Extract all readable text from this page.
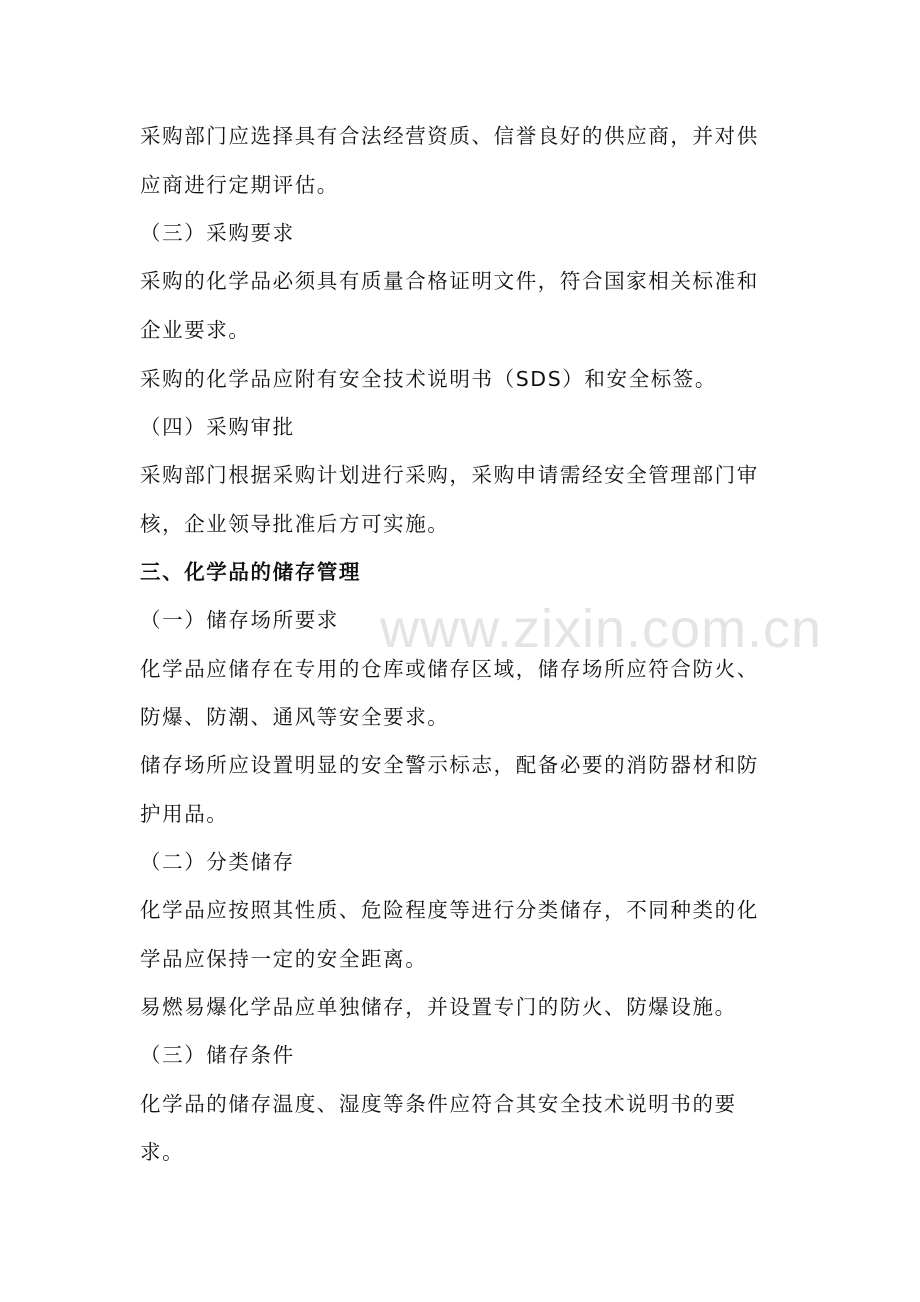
www.zixin.com.cn
采购部门应选择具有合法经营资质、信誉良好的供应商，并对供
应商进行定期评估。
（三）采购要求
采购的化学品必须具有质量合格证明文件，符合国家相关标准和
企业要求。
采购的化学品应附有安全技术说明书（SDS）和安全标签。
（四）采购审批
采购部门根据采购计划进行采购，采购申请需经安全管理部门审
核，企业领导批准后方可实施。
三、化学品的储存管理
（一）储存场所要求
化学品应储存在专用的仓库或储存区域，储存场所应符合防火、
防爆、防潮、通风等安全要求。
储存场所应设置明显的安全警示标志，配备必要的消防器材和防
护用品。
（二）分类储存
化学品应按照其性质、危险程度等进行分类储存，不同种类的化
学品应保持一定的安全距离。
易燃易爆化学品应单独储存，并设置专门的防火、防爆设施。
（三）储存条件
化学品的储存温度、湿度等条件应符合其安全技术说明书的要
求。
